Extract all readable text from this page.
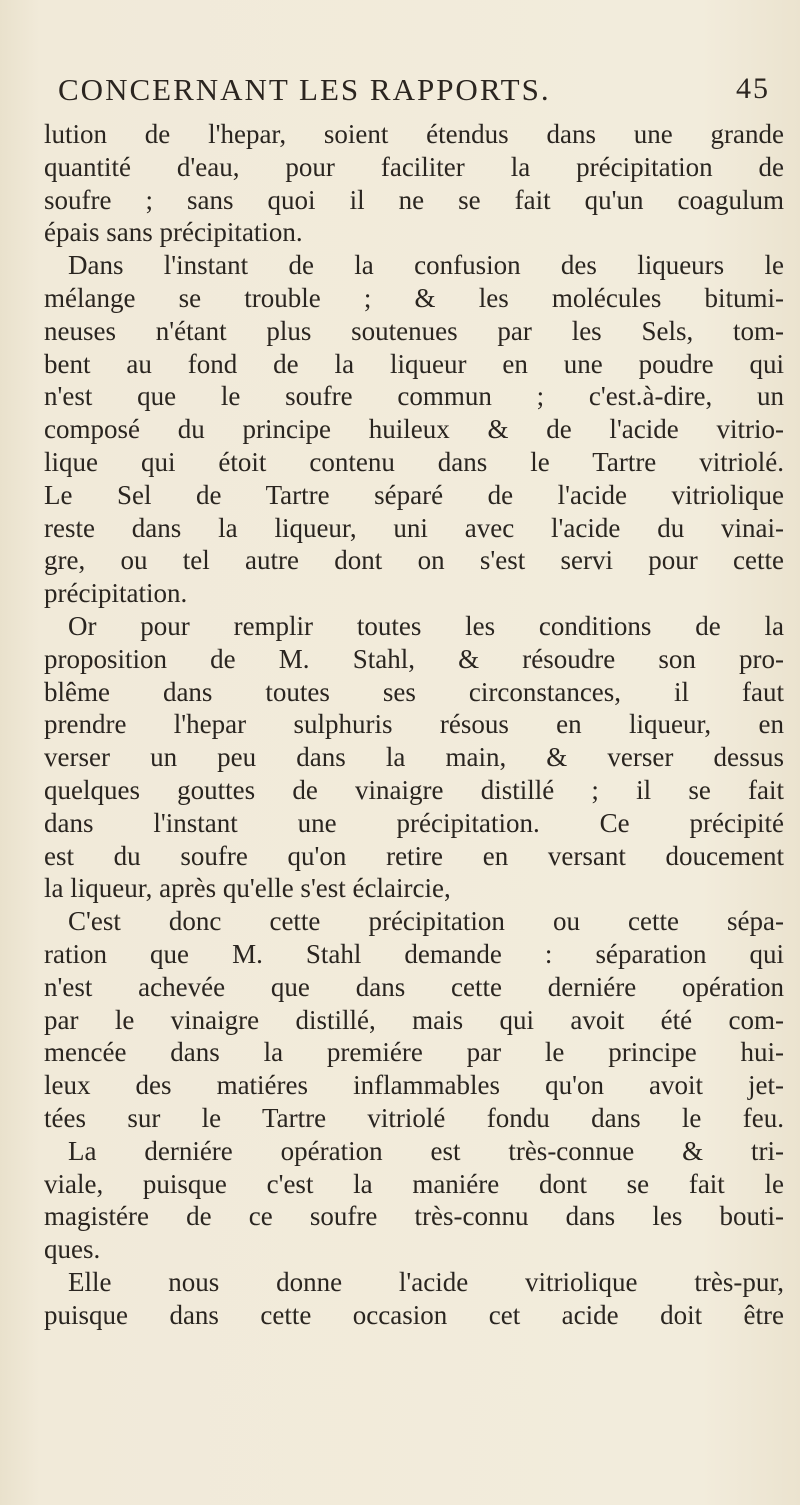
CONCERNANT LES RAPPORTS.	45
lution de l'hepar, soient étendus dans une grande
quantité d'eau, pour faciliter la précipitation de
soufre ; sans quoi il ne se fait qu'un coagulum
épais sans précipitation.
Dans l'instant de la confusion des liqueurs le
mélange se trouble ; & les molécules bitumi-
neuses n'étant plus soutenues par les Sels, tom-
bent au fond de la liqueur en une poudre qui
n'est que le soufre commun ; c'est.à-dire, un
composé du principe huileux & de l'acide vitrio-
lique qui étoit contenu dans le Tartre vitriolé.
Le Sel de Tartre séparé de l'acide vitriolique
reste dans la liqueur, uni avec l'acide du vinai-
gre, ou tel autre dont on s'est servi pour cette
précipitation.
Or pour remplir toutes les conditions de la
proposition de M. Stahl, & résoudre son pro-
blême dans toutes ses circonstances, il faut
prendre l'hepar sulphuris résous en liqueur, en
verser un peu dans la main, & verser dessus
quelques gouttes de vinaigre distillé ; il se fait
dans l'instant une précipitation. Ce précipité
est du soufre qu'on retire en versant doucement
la liqueur, après qu'elle s'est éclaircie,
C'est donc cette précipitation ou cette sépa-
ration que M. Stahl demande : séparation qui
n'est achevée que dans cette derniére opération
par le vinaigre distillé, mais qui avoit été com-
mencée dans la premiére par le principe hui-
leux des matiéres inflammables qu'on avoit jet-
tées sur le Tartre vitriolé fondu dans le feu.
La derniére opération est très-connue & tri-
viale, puisque c'est la maniére dont se fait le
magistére de ce soufre très-connu dans les bouti-
ques.
Elle nous donne l'acide vitriolique très-pur,
puisque dans cette occasion cet acide doit être
